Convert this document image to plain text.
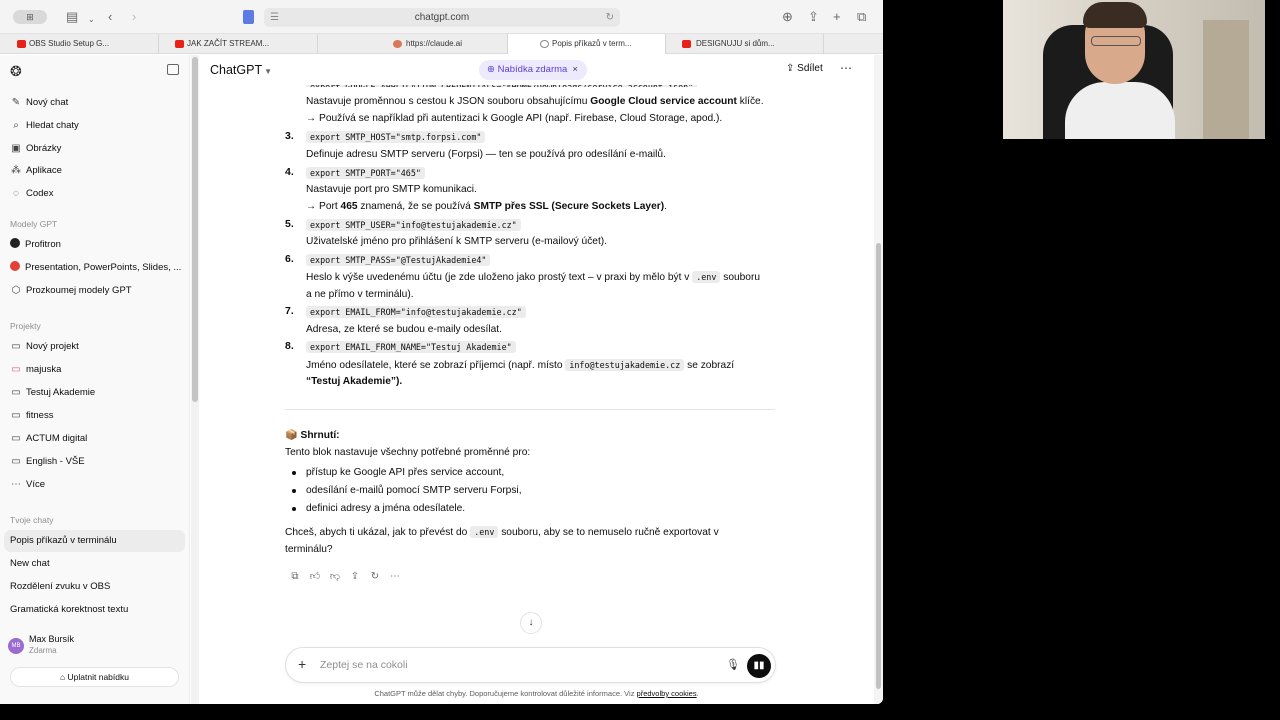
⊞	▤ ⌄ ‹ ›	☰	chatgpt.com	↻	⊕ ⇪ + ⧉
OBS Studio Setup G...	JAK ZAČÍT STREAM...	https://claude.ai	Popis příkazů v term...	DESIGNUJU si dům...
❂
✎ Nový chat
⌕ Hledat chaty
▣ Obrázky
⁂ Aplikace
◌ Codex
Modely GPT
Profitron
Presentation, PowerPoints, Slides, ...
⬡ Prozkoumej modely GPT
Projekty
▭ Nový projekt
▭ majuska
▭ Testuj Akademie
▭ fitness
▭ ACTUM digital
▭ English - VŠE
⋯ Více
Tvoje chaty
Popis příkazů v terminálu
New chat
Rozdělení zvuku v OBS
Gramatická korektnost textu
MB
Max Bursík
Zdarma
⌂ Uplatnit nabídku
Nastavuje proměnnou s cestou k JSON souboru obsahujícímu Google Cloud service account klíče.
→ Používá se například při autentizaci k Google API (např. Firebase, Cloud Storage, apod.).
3.	export SMTP_HOST="smtp.forpsi.com"
Definuje adresu SMTP serveru (Forpsi) — ten se používá pro odesílání e-mailů.
4.	export SMTP_PORT="465"
Nastavuje port pro SMTP komunikaci.
→ Port 465 znamená, že se používá SMTP přes SSL (Secure Sockets Layer).
5.	export SMTP_USER="info@testujakademie.cz"
Uživatelské jméno pro přihlášení k SMTP serveru (e-mailový účet).
6.	export SMTP_PASS="@TestujAkademie4"
Heslo k výše uvedenému účtu (je zde uloženo jako prostý text – v praxi by mělo být v .env souboru
a ne přímo v terminálu).
7.	export EMAIL_FROM="info@testujakademie.cz"
Adresa, ze které se budou e-maily odesílat.
8.	export EMAIL_FROM_NAME="Testuj Akademie"
Jméno odesílatele, které se zobrazí příjemci (např. místo info@testujakademie.cz se zobrazí
“Testuj Akademie”).
📦 Shrnutí:
Tento blok nastavuje všechny potřebné proměnné pro:
přístup ke Google API přes service account,
odesílání e-mailů pomocí SMTP serveru Forpsi,
definici adresy a jména odesílatele.
Chceš, abych ti ukázal, jak to převést do .env souboru, aby se to nemuselo ručně exportovat v
terminálu?
⧉ 👍︎ 👎︎ ⇪ ↻ ⋯
ChatGPT ▼	⊕ Nabídka zdarma ×	⇪ Sdílet ⋯
↓
+ Zeptej se na cokoli	🎙︎	▮▮
ChatGPT může dělat chyby. Doporučujeme kontrolovat důležité informace. Viz předvolby cookies.
